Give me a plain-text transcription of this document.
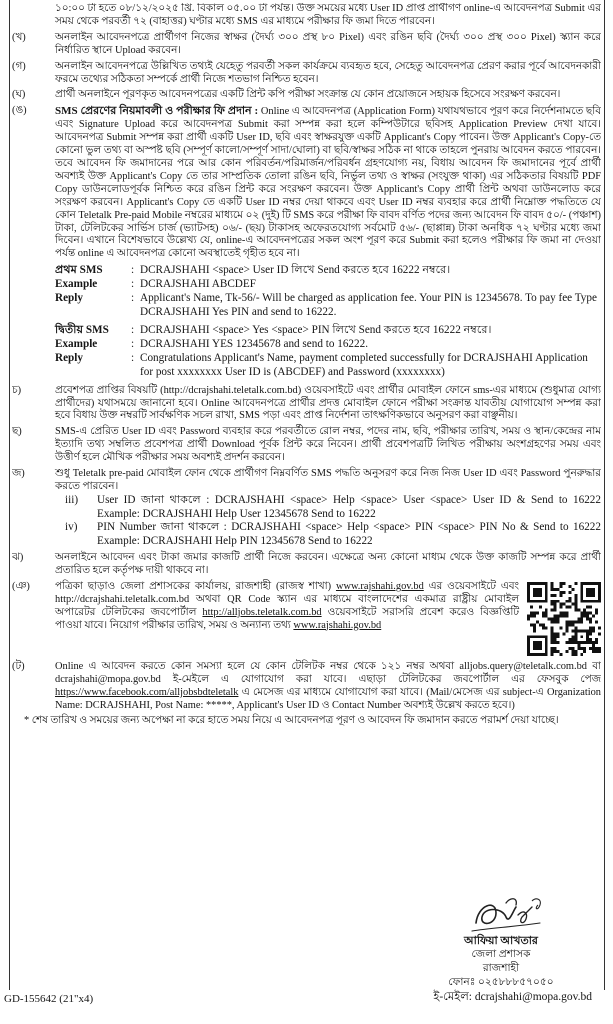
১০:০০ টা হতে ০৮/১২/২০২৫ খ্রি. বিকাল ০৫.০০ টা পর্যন্ত। উক্ত সময়ের মধ্যে User ID প্রাপ্ত প্রার্থীগণ online-এ আবেদনপত্র Submit এর সময় থেকে পরবর্তী ৭২ (বাহাত্তর) ঘণ্টার মধ্যে SMS এর মাধ্যমে পরীক্ষার ফি জমা দিতে পারবেন।
(খ)	অনলাইন আবেদনপত্রে প্রার্থীগণ নিজের স্বাক্ষর (দৈর্ঘ্য ৩০০ প্রস্থ ৮০ Pixel) এবং রঙিন ছবি (দৈর্ঘ্য ৩০০ প্রস্থ ৩০০ Pixel) স্ক্যান করে নির্ধারিত স্থানে Upload করবেন।
(গ)	অনলাইন আবেদনপত্রে উল্লিখিত তথ্যই যেহেতু পরবর্তী সকল কার্যক্রমে ব্যবহৃত হবে, সেহেতু আবেদনপত্র প্রেরণ করার পূর্বে আবেদনকারী ফরমে তথ্যের সঠিকতা সম্পর্কে প্রার্থী নিজে শতভাগ নিশ্চিত হবেন।
(ঘ)	প্রার্থী অনলাইনে পূরণকৃত আবেদনপত্রের একটি প্রিন্ট কপি পরীক্ষা সংক্রান্ত যে কোন প্রয়োজনে সহায়ক হিসেবে সংরক্ষণ করবেন।
(ঙ)	SMS প্রেরণের নিয়মাবলী ও পরীক্ষার ফি প্রদান : Online এ আবেদনপত্র (Application Form) যথাযথভাবে পূরণ করে নির্দেশনামতে ছবি এবং Signature Upload করে আবেদনপত্র Submit করা সম্পন্ন করা হলে কম্পিউটারে ছবিসহ Application Preview দেখা যাবে। আবেদনপত্র Submit সম্পন্ন করা প্রার্থী একটি User ID, ছবি এবং স্বাক্ষরযুক্ত একটি Applicant's Copy পাবেন। উক্ত Applicant's Copy-তে কোনো ভুল তথ্য বা অস্পষ্ট ছবি (সম্পূর্ণ কালো/সম্পূর্ণ সাদা/ঘোলা) বা ছবি/স্বাক্ষর সঠিক না থাকে তাহলে পুনরায় আবেদন করতে পারবেন। তবে আবেদন ফি জমাদানের পরে আর কোন পরিবর্তন/পরিমার্জন/পরিবর্ধন গ্রহণযোগ্য নয়, বিধায় আবেদন ফি জমাদানের পূর্বে প্রার্থী অবশ্যই উক্ত Applicant's Copy তে তার সাম্প্রতিক তোলা রঙিন ছবি, নির্ভুল তথ্য ও স্বাক্ষর (সংযুক্ত থাকা) এর সঠিকতার বিষয়টি PDF Copy ডাউনলোডপূর্বক নিশ্চিত করে রঙিন প্রিন্ট করে সংরক্ষণ করবেন। উক্ত Applicant's Copy প্রার্থী প্রিন্ট অথবা ডাউনলোড করে সংরক্ষণ করবেন। Applicant's Copy তে একটি User ID নম্বর দেয়া থাকবে এবং User ID নম্বর ব্যবহার করে প্রার্থী নিম্নোক্ত পদ্ধতিতে যে কোন Teletalk Pre-paid Mobile নম্বরের মাধ্যমে ০২ (দুই) টি SMS করে পরীক্ষা ফি বাবদ বর্ণিত পদের জন্য আবেদন ফি বাবদ ৫০/- (পঞ্চাশ) টাকা, টেলিটকের সার্ভিস চার্জ (ভ্যাটসহ) ০৬/- (ছয়) টাকাসহ অফেরতযোগ্য সর্বমোট ৫৬/- (ছাপ্পান্ন) টাকা অনধিক ৭২ ঘণ্টার মধ্যে জমা দিবেন। এখানে বিশেষভাবে উল্লেখ্য যে, online-এ আবেদনপত্রের সকল অংশ পূরণ করে Submit করা হলেও পরীক্ষার ফি জমা না দেওয়া পর্যন্ত online এ আবেদনপত্র কোনো অবস্থাতেই গৃহীত হবে না।
প্রথম SMS	: DCRAJSHAHI <space> User ID লিখে Send করতে হবে 16222 নম্বরে।
Example	: DCRAJSHAHI ABCDEF
Reply	: Applicant's Name, Tk-56/- Will be charged as application fee. Your PIN is 12345678. To pay fee Type DCRAJSHAHI Yes PIN and send to 16222.
দ্বিতীয় SMS	: DCRAJSHAHI <space> Yes <space> PIN লিখে Send করতে হবে 16222 নম্বরে।
Example	: DCRAJSHAHI YES 12345678 and send to 16222.
Reply	: Congratulations Applicant's Name, payment completed successfully for DCRAJSHAHI Application for post xxxxxxxx User ID is (ABCDEF) and Password (xxxxxxxx)
চ)	প্রবেশপত্র প্রাপ্তির বিষয়টি (http://dcrajshahi.teletalk.com.bd) ওয়েবসাইটে এবং প্রার্থীর মোবাইল ফোনে sms-এর মাধ্যমে (শুধুমাত্র যোগ্য প্রার্থীদের) যথাসময়ে জানানো হবে। Online আবেদনপত্রে প্রার্থীর প্রদত্ত মোবাইল ফোনে পরীক্ষা সংক্রান্ত যাবতীয় যোগাযোগ সম্পন্ন করা হবে বিধায় উক্ত নম্বরটি সার্বক্ষণিক সচল রাখা, SMS পড়া এবং প্রাপ্ত নির্দেশনা তাৎক্ষণিকভাবে অনুসরণ করা বাঞ্ছনীয়।
ছ)	SMS-এ প্রেরিত User ID এবং Password ব্যবহার করে পরবর্তীতে রোল নম্বর, পদের নাম, ছবি, পরীক্ষার তারিখ, সময় ও স্থান/কেন্দ্রের নাম ইত্যাদি তথ্য সম্বলিত প্রবেশপত্র প্রার্থী Download পূর্বক প্রিন্ট করে নিবেন। প্রার্থী প্রবেশপত্রটি লিখিত পরীক্ষায় অংশগ্রহণের সময় এবং উত্তীর্ণ হলে মৌখিক পরীক্ষার সময় অবশ্যই প্রদর্শন করবেন।
জ)	শুধু Teletalk pre-paid মোবাইল ফোন থেকে প্রার্থীগণ নিম্নবর্ণিত SMS পদ্ধতি অনুসরণ করে নিজ নিজ User ID এবং Password পুনরুদ্ধার করতে পারবেন।
iii)	User ID জানা থাকলে : DCRAJSHAHI <space> Help <space> User <space> User ID & Send to 16222 Example: DCRAJSHAHI Help User 12345678 Send to 16222
iv)	PIN Number জানা থাকলে : DCRAJSHAHI <space> Help <space> PIN <space> PIN No & Send to 16222 Example: DCRAJSHAHI Help PIN 12345678 Send to 16222
ঝ)	অনলাইনে আবেদন এবং টাকা জমার কাজটি প্রার্থী নিজে করবেন। এক্ষেত্রে অন্য কোনো মাধ্যম থেকে উক্ত কাজটি সম্পন্ন করে প্রার্থী প্রতারিত হলে কর্তৃপক্ষ দায়ী থাকবে না।
(ঞ)	পত্রিকা ছাড়াও জেলা প্রশাসকের কার্যালয়, রাজশাহী (রাজস্ব শাখা) www.rajshahi.gov.bd এর ওয়েবসাইটে এবং http://dcrajshahi.teletalk.com.bd অথবা QR Code স্ক্যান এর মাধ্যমে বাংলাদেশের একমাত্র রাষ্ট্রীয় মোবাইল অপারেটর টেলিটকের জবপোর্টাল http://alljobs.teletalk.com.bd ওয়েবসাইটে সরাসরি প্রবেশ করেও বিজ্ঞপ্তিটি পাওয়া যাবে। নিয়োগ পরীক্ষার তারিখ, সময় ও অন্যান্য তথ্য www.rajshahi.gov.bd
(ট)	Online এ আবেদন করতে কোন সমস্যা হলে যে কোন টেলিটক নম্বর থেকে ১২১ নম্বর অথবা alljobs.query@teletalk.com.bd বা dcrajshahi@mopa.gov.bd ই-মেইলে এ যোগাযোগ করা যাবে। এছাড়া টেলিটকের জবপোর্টাল এর ফেসবুক পেজ https://www.facebook.com/alljobsbdteletalk এ মেসেজ এর মাধ্যমে যোগাযোগ করা যাবে। (Mail/মেসেজ এর subject-এ Organization Name: DCRAJSHAHI, Post Name: *****, Applicant's User ID ও Contact Number অবশ্যই উল্লেখ করতে হবে।)
* শেষ তারিখ ও সময়ের জন্য অপেক্ষা না করে হাতে সময় নিয়ে এ আবেদনপত্র পূরণ ও আবেদন ফি জমাদান করতে পরামর্শ দেয়া যাচ্ছে।
আফিয়া আখতার
জেলা প্রশাসক
রাজশাহী
ফোনঃ ০২৫৮৮৮৫৭০৫০
ই-মেইল: dcrajshahi@mopa.gov.bd
GD-155642 (21"x4)
